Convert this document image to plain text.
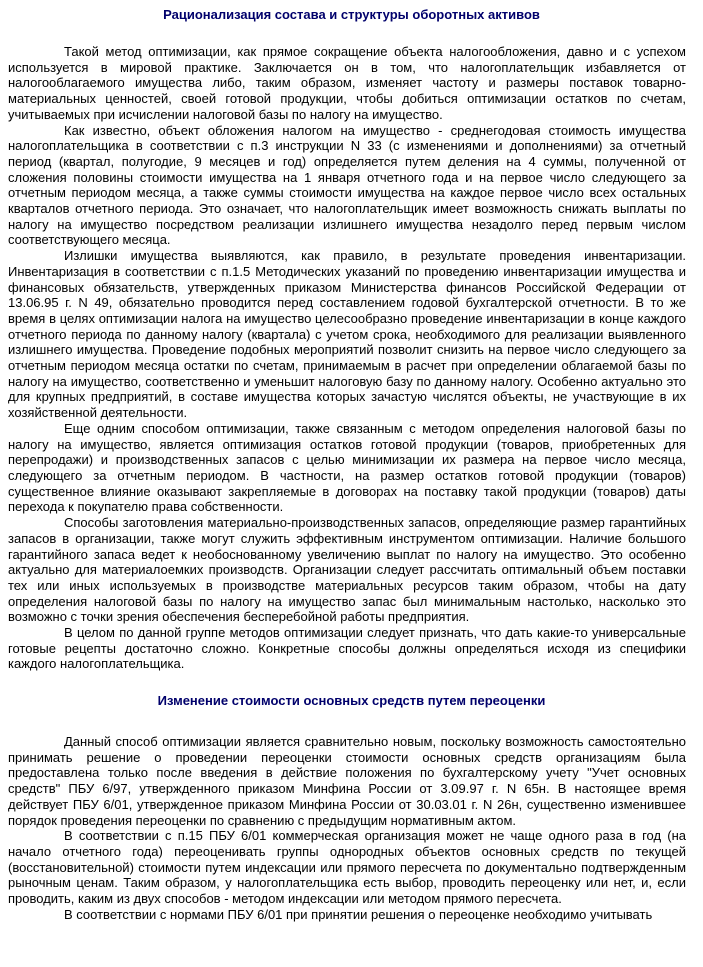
Рационализация состава и структуры оборотных активов

Такой метод оптимизации, как прямое сокращение объекта налогообложения, давно и с успехом используется в мировой практике. Заключается он в том, что налогоплательщик избавляется от налогооблагаемого имущества либо, таким образом, изменяет частоту и размеры поставок товарно-материальных ценностей, своей готовой продукции, чтобы добиться оптимизации остатков по счетам, учитываемых при исчислении налоговой базы по налогу на имущество.

Как известно, объект обложения налогом на имущество - среднегодовая стоимость имущества налогоплательщика в соответствии с п.3 инструкции N 33 (с изменениями и дополнениями) за отчетный период (квартал, полугодие, 9 месяцев и год) определяется путем деления на 4 суммы, полученной от сложения половины стоимости имущества на 1 января отчетного года и на первое число следующего за отчетным периодом месяца, а также суммы стоимости имущества на каждое первое число всех остальных кварталов отчетного периода. Это означает, что налогоплательщик имеет возможность снижать выплаты по налогу на имущество посредством реализации излишнего имущества незадолго перед первым числом соответствующего месяца.

Излишки имущества выявляются, как правило, в результате проведения инвентаризации. Инвентаризация в соответствии с п.1.5 Методических указаний по проведению инвентаризации имущества и финансовых обязательств, утвержденных приказом Министерства финансов Российской Федерации от 13.06.95 г. N 49, обязательно проводится перед составлением годовой бухгалтерской отчетности. В то же время в целях оптимизации налога на имущество целесообразно проведение инвентаризации в конце каждого отчетного периода по данному налогу (квартала) с учетом срока, необходимого для реализации выявленного излишнего имущества. Проведение подобных мероприятий позволит снизить на первое число следующего за отчетным периодом месяца остатки по счетам, принимаемым в расчет при определении облагаемой базы по налогу на имущество, соответственно и уменьшит налоговую базу по данному налогу. Особенно актуально это для крупных предприятий, в составе имущества которых зачастую числятся объекты, не участвующие в их хозяйственной деятельности.

Еще одним способом оптимизации, также связанным с методом определения налоговой базы по налогу на имущество, является оптимизация остатков готовой продукции (товаров, приобретенных для перепродажи) и производственных запасов с целью минимизации их размера на первое число месяца, следующего за отчетным периодом. В частности, на размер остатков готовой продукции (товаров) существенное влияние оказывают закрепляемые в договорах на поставку такой продукции (товаров) даты перехода к покупателю права собственности.

Способы заготовления материально-производственных запасов, определяющие размер гарантийных запасов в организации, также могут служить эффективным инструментом оптимизации. Наличие большого гарантийного запаса ведет к необоснованному увеличению выплат по налогу на имущество. Это особенно актуально для материалоемких производств. Организации следует рассчитать оптимальный объем поставки тех или иных используемых в производстве материальных ресурсов таким образом, чтобы на дату определения налоговой базы по налогу на имущество запас был минимальным настолько, насколько это возможно с точки зрения обеспечения бесперебойной работы предприятия.

В целом по данной группе методов оптимизации следует признать, что дать какие-то универсальные готовые рецепты достаточно сложно. Конкретные способы должны определяться исходя из специфики каждого налогоплательщика.

Изменение стоимости основных средств путем переоценки

Данный способ оптимизации является сравнительно новым, поскольку возможность самостоятельно принимать решение о проведении переоценки стоимости основных средств организациям была предоставлена только после введения в действие положения по бухгалтерскому учету "Учет основных средств" ПБУ 6/97, утвержденного приказом Минфина России от 3.09.97 г. N 65н. В настоящее время действует ПБУ 6/01, утвержденное приказом Минфина России от 30.03.01 г. N 26н, существенно изменившее порядок проведения переоценки по сравнению с предыдущим нормативным актом.

В соответствии с п.15 ПБУ 6/01 коммерческая организация может не чаще одного раза в год (на начало отчетного года) переоценивать группы однородных объектов основных средств по текущей (восстановительной) стоимости путем индексации или прямого пересчета по документально подтвержденным рыночным ценам. Таким образом, у налогоплательщика есть выбор, проводить переоценку или нет, и, если проводить, каким из двух способов - методом индексации или методом прямого пересчета.

В соответствии с нормами ПБУ 6/01 при принятии решения о переоценке необходимо учитывать
